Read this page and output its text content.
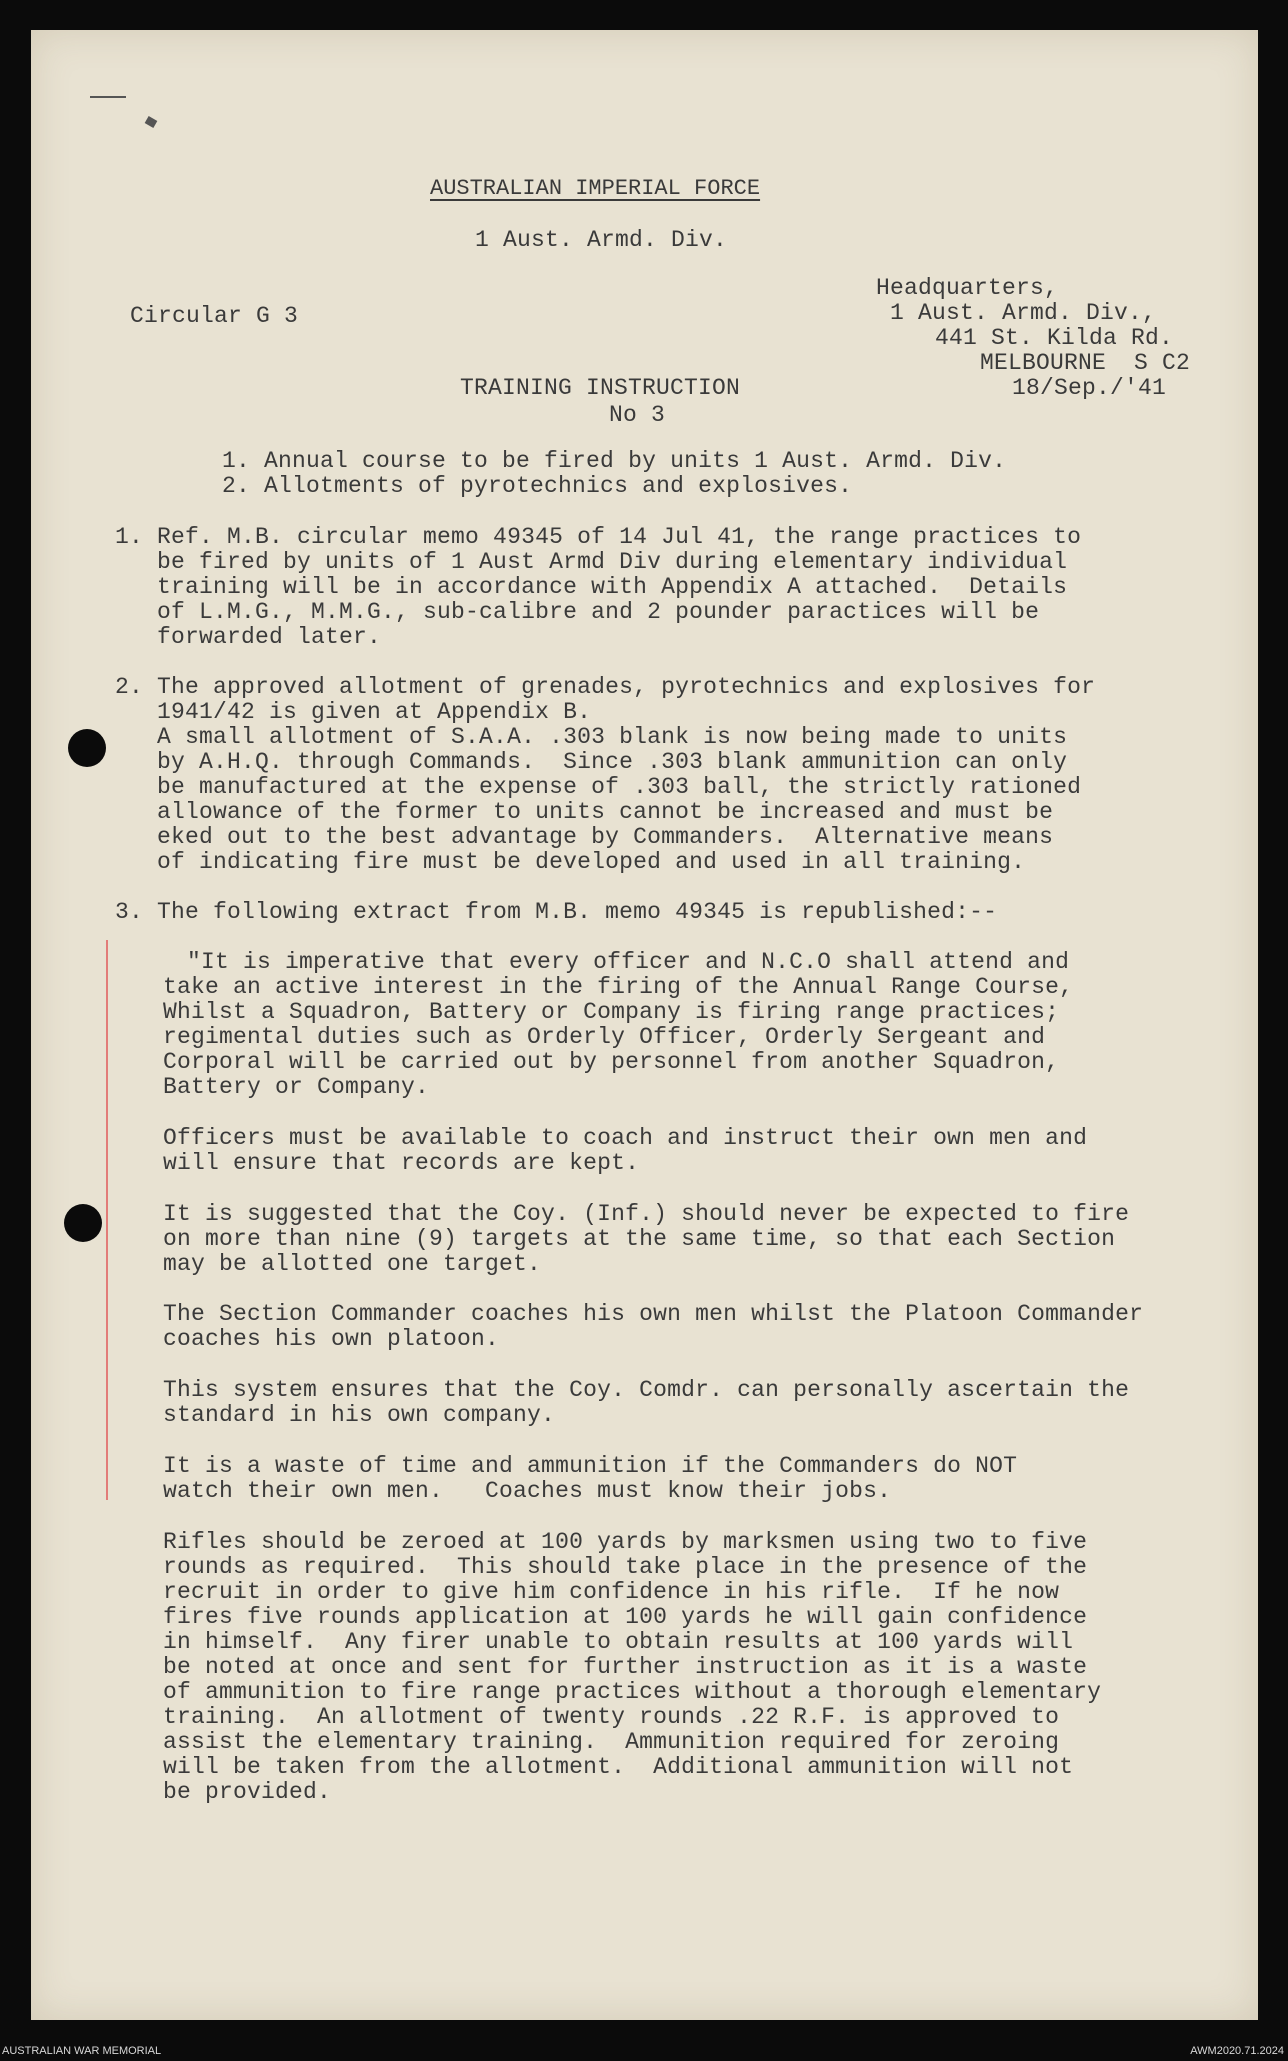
AUSTRALIAN IMPERIAL FORCE
1 Aust. Armd. Div.
Circular G 3
Headquarters,
1 Aust. Armd. Div.,
441 St. Kilda Rd.
MELBOURNE  S C2
18/Sep./'41
TRAINING INSTRUCTION
No 3
1. Annual course to be fired by units 1 Aust. Armd. Div.
2. Allotments of pyrotechnics and explosives.
1. Ref. M.B. circular memo 49345 of 14 Jul 41, the range practices to
be fired by units of 1 Aust Armd Div during elementary individual
training will be in accordance with Appendix A attached.  Details
of L.M.G., M.M.G., sub-calibre and 2 pounder paractices will be
forwarded later.
2. The approved allotment of grenades, pyrotechnics and explosives for
1941/42 is given at Appendix B.
A small allotment of S.A.A. .303 blank is now being made to units
by A.H.Q. through Commands.  Since .303 blank ammunition can only
be manufactured at the expense of .303 ball, the strictly rationed
allowance of the former to units cannot be increased and must be
eked out to the best advantage by Commanders.  Alternative means
of indicating fire must be developed and used in all training.
3. The following extract from M.B. memo 49345 is republished:--
"It is imperative that every officer and N.C.O shall attend and
take an active interest in the firing of the Annual Range Course,
Whilst a Squadron, Battery or Company is firing range practices;
regimental duties such as Orderly Officer, Orderly Sergeant and
Corporal will be carried out by personnel from another Squadron,
Battery or Company.
Officers must be available to coach and instruct their own men and
will ensure that records are kept.
It is suggested that the Coy. (Inf.) should never be expected to fire
on more than nine (9) targets at the same time, so that each Section
may be allotted one target.
The Section Commander coaches his own men whilst the Platoon Commander
coaches his own platoon.
This system ensures that the Coy. Comdr. can personally ascertain the
standard in his own company.
It is a waste of time and ammunition if the Commanders do NOT
watch their own men.   Coaches must know their jobs.
Rifles should be zeroed at 100 yards by marksmen using two to five
rounds as required.  This should take place in the presence of the
recruit in order to give him confidence in his rifle.  If he now
fires five rounds application at 100 yards he will gain confidence
in himself.  Any firer unable to obtain results at 100 yards will
be noted at once and sent for further instruction as it is a waste
of ammunition to fire range practices without a thorough elementary
training.  An allotment of twenty rounds .22 R.F. is approved to
assist the elementary training.  Ammunition required for zeroing
will be taken from the allotment.  Additional ammunition will not
be provided.
AUSTRALIAN WAR MEMORIAL	AWM2020.71.2024
